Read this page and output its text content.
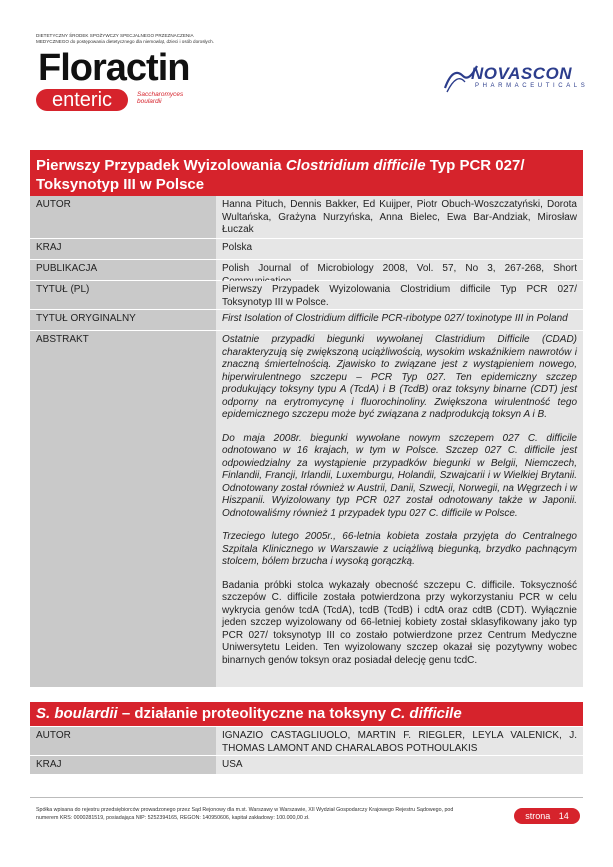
DIETETYCZNY ŚRODEK SPOŻYWCZY SPECJALNEGO PRZEZNACZENIA MEDYCZNEGO do postępowania dietetycznego dla niemowląt, dzieci i osób dorosłych.
Floractin
enteric	Saccharomyces boulardii
NOVASCON
PHARMACEUTICALS
Pierwszy Przypadek Wyizolowania Clostridium difficile Typ PCR 027/ Toksynotyp III w Polsce
AUTOR	Hanna Pituch, Dennis Bakker, Ed Kuijper, Piotr Obuch-Woszczatyński, Dorota Wultańska, Grażyna Nurzyńska, Anna Bielec, Ewa Bar-Andziak, Mirosław Łuczak
KRAJ	Polska
PUBLIKACJA	Polish Journal of Microbiology 2008, Vol. 57, No 3, 267-268, Short
TYTUŁ (PL)	Pierwszy Przypadek Wyizolowania Clostridium difficile Typ PCR 027/ Toksynotyp III w Polsce.
TYTUŁ ORYGINALNY	First Isolation of Clostridium difficile PCR-ribotype 027/ toxinotype III in Poland
ABSTRAKT	Ostatnie przypadki biegunki wywołanej Clastridium Difficile (CDAD) charakteryzują się zwiększoną uciążliwością, wysokim wskaźnikiem nawrotów i znaczną śmiertelnością. Zjawisko to związane jest z wystąpieniem nowego, hiperwirulentnego szczepu – PCR Typ 027. Ten epidemiczny szczep produkujący toksyny typu A (TcdA) i B (TcdB) oraz toksyny binarne (CDT) jest odporny na erytromycynę i fluorochinoliny. Zwiększona wirulentność tego epidemicznego szczepu może być związana z nadprodukcją toksyn A i B.

Do maja 2008r. biegunki wywołane nowym szczepem 027 C. difficile odnotowano w 16 krajach, w tym w Polsce. Szczep 027 C. difficile jest odpowiedzialny za wystąpienie przypadków biegunki w Belgii, Niemczech, Finlandii, Francji, Irlandii, Luxemburgu, Holandii, Szwajcarii i w Wielkiej Brytanii. Odnotowany został również w Austrii, Danii, Szwecji, Norwegii, na Węgrzech i w Hiszpanii. Wyizolowany typ PCR 027 został odnotowany także w Japonii. Odnotowaliśmy również 1 przypadek typu 027 C. difficile w Polsce.

Trzeciego lutego 2005r., 66-letnia kobieta została przyjęta do Centralnego Szpitala Klinicznego w Warszawie z uciążliwą biegunką, brzydko pachnącym stolcem, bólem brzucha i wysoką gorączką.

Badania próbki stolca wykazały obecność szczepu C. difficile. Toksyczność szczepów C. difficile została potwierdzona przy wykorzystaniu PCR w celu wykrycia genów tcdA (TcdA), tcdB (TcdB) i cdtA oraz cdtB (CDT). Wyłącznie jeden szczep wyizolowany od 66-letniej kobiety został sklasyfikowany jako typ PCR 027/ toksynotyp III co zostało potwierdzone przez Centrum Medyczne Uniwersytetu Leiden. Ten wyizolowany szczep okazał się pozytywny wobec binarnych genów toksyn oraz posiadał delecję genu tcdC.

S. boulardii – działanie proteolityczne na toksyny C. difficile
AUTOR	IGNAZIO CASTAGLIUOLO, MARTIN F. RIEGLER, LEYLA VALENICK, J. THOMAS LAMONT AND CHARALABOS POTHOULAKIS
KRAJ	USA
Spółka wpisana do rejestru przedsiębiorców prowadzonego przez Sąd Rejonowy dla m.st. Warszawy w Warszawie, XII Wydział Gospodarczy Krajowego Rejestru Sądowego, pod numerem KRS: 0000281519, posiadająca NIP: 5252394165, REGON: 140950606, kapitał zakładowy: 100.000,00 zł.	strona 14
